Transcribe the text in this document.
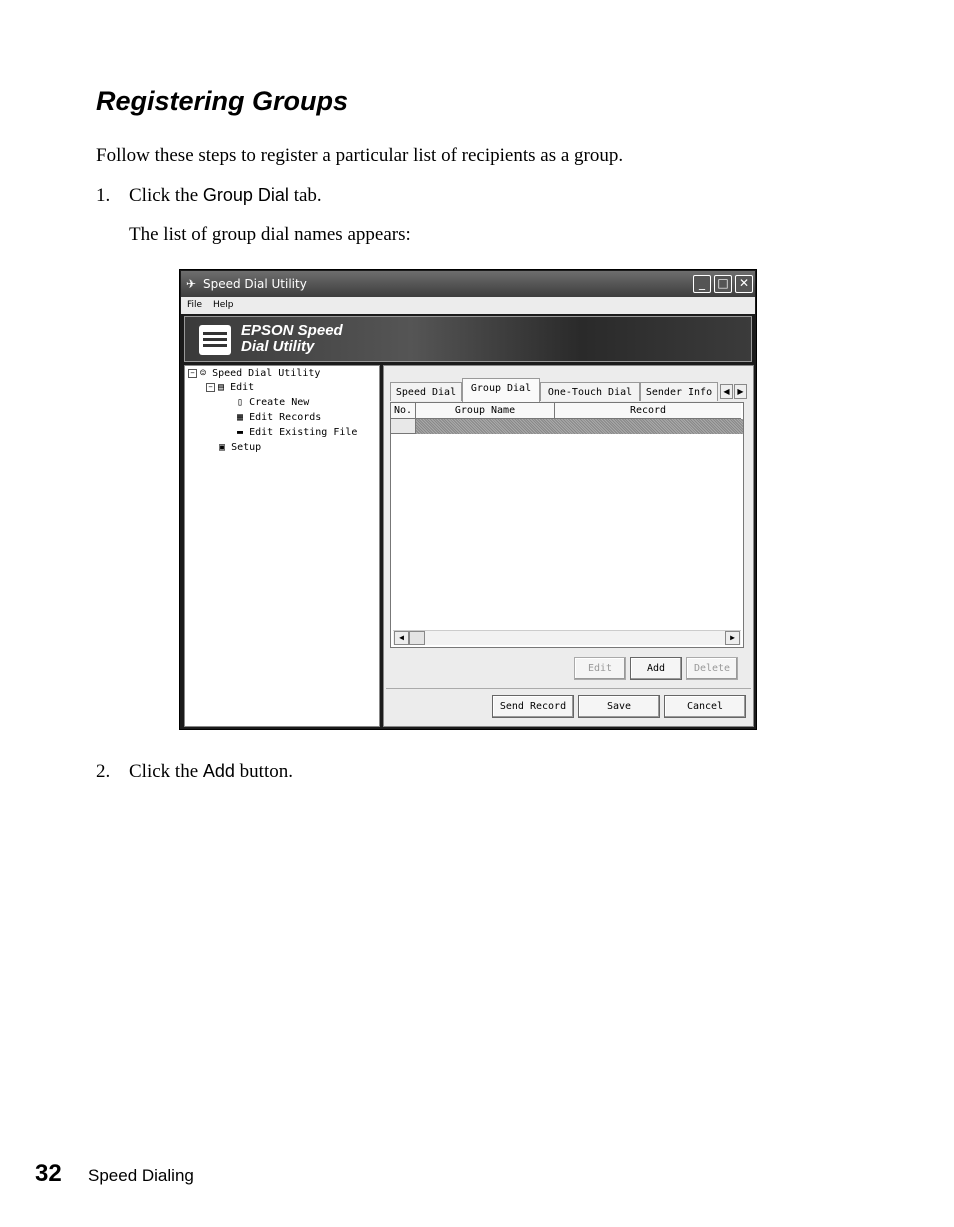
Registering Groups
Follow these steps to register a particular list of recipients as a group.
1. Click the Group Dial tab.
The list of group dial names appears:
✈ Speed Dial Utility	_	□ ✕
File Help
EPSON Speed
Dial Utility
− ☺ Speed Dial Utility
− ▤ Edit
▯ Create New
▦ Edit Records
▬ Edit Existing File
▣ Setup
Speed Dial	Group Dial	One-Touch Dial	Sender Info	◀ ▶
No.	Group Name	Record
◀	▶
Edit	Add	Delete
Send Record	Save	Cancel
2. Click the Add button.
32 Speed Dialing
